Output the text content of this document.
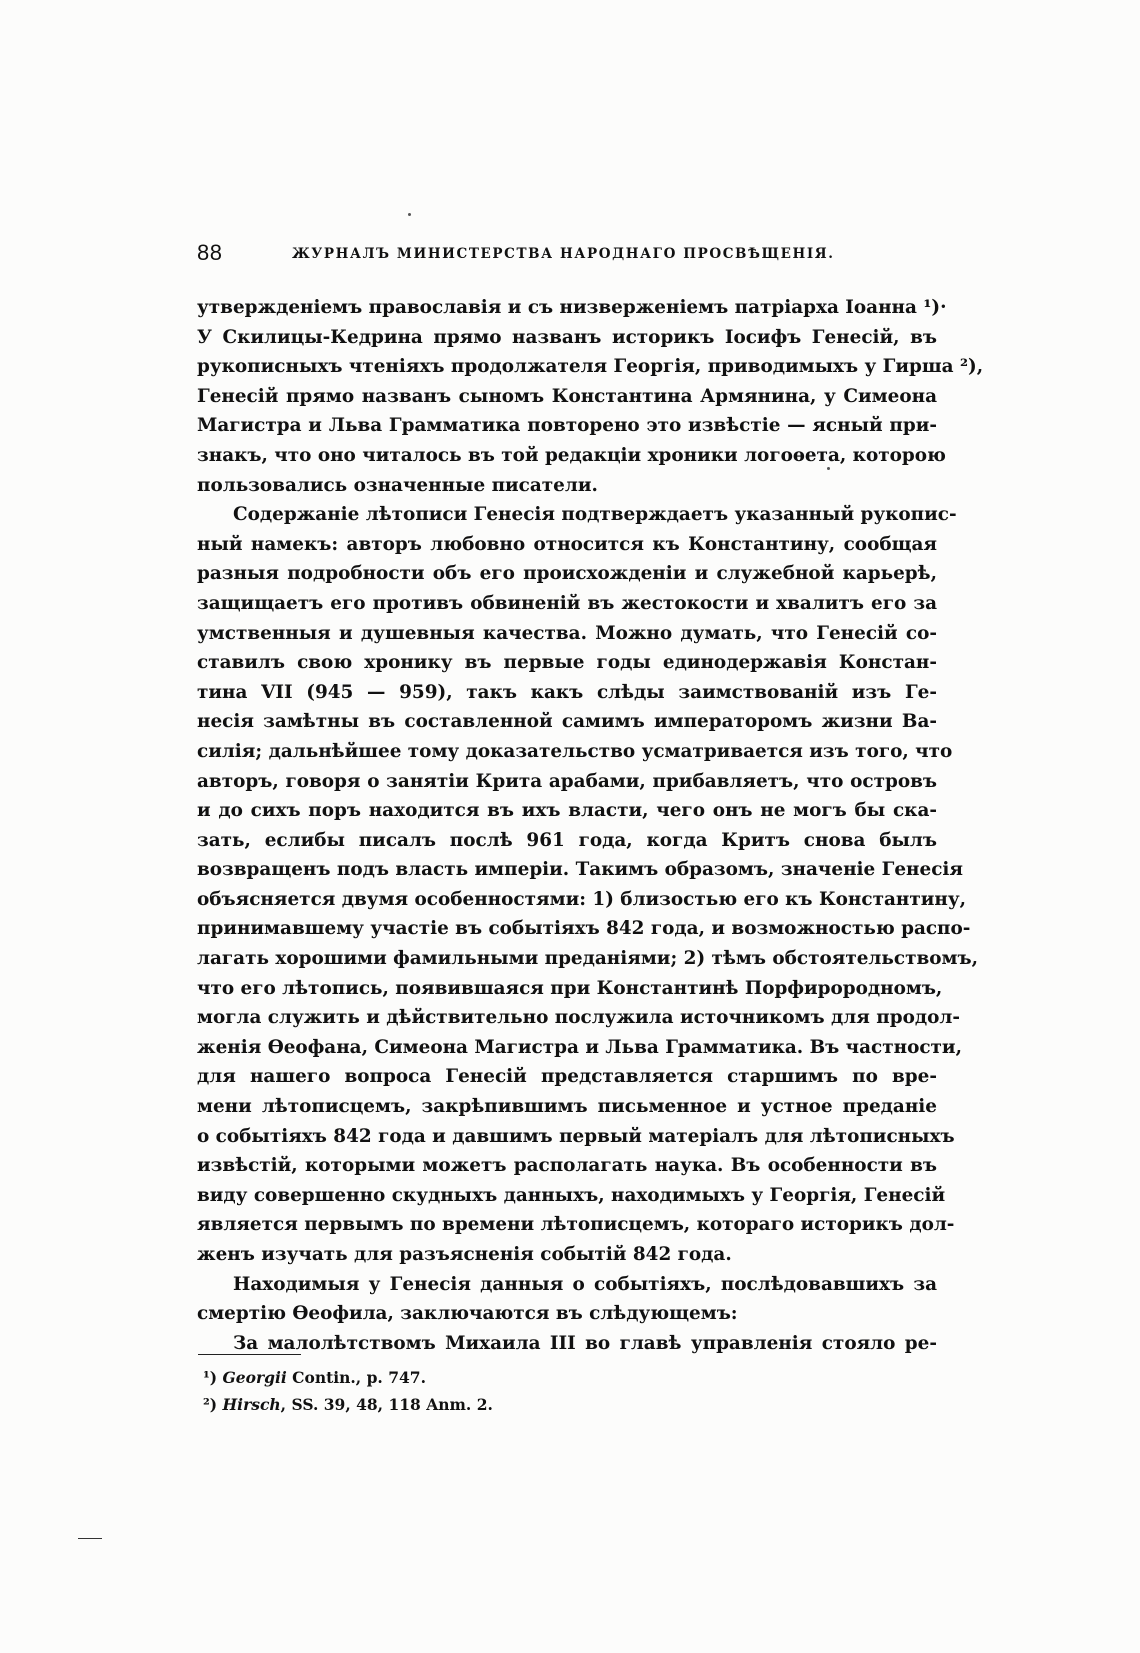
88	ЖУРНАЛЪ МИНИСТЕРСТВА НАРОДНАГО ПРОСВѢЩЕНІЯ.

утвержденіемъ православія и съ низверженіемъ патріарха Іоанна ¹)·

У Скилицы-Кедрина прямо названъ историкъ Іосифъ Генесій, въ

рукописныхъ чтеніяхъ продолжателя Георгія, приводимыхъ у Гирша ²),

Генесій прямо названъ сыномъ Константина Армянина, у Симеона

Магистра и Льва Грамматика повторено это извѣстіе — ясный при-

знакъ, что оно читалось въ той редакціи хроники логоѳета, которою

пользовались означенные писатели.

Содержаніе лѣтописи Генесія подтверждаетъ указанный рукопис-

ный намекъ: авторъ любовно относится къ Константину, сообщая

разныя подробности объ его происхожденіи и служебной карьерѣ,

защищаетъ его противъ обвиненій въ жестокости и хвалитъ его за

умственныя и душевныя качества. Можно думать, что Генесій со-

ставилъ свою хронику въ первые годы единодержавія Констан-

тина VII (945 — 959), такъ какъ слѣды заимствованій изъ Ге-

несія замѣтны въ составленной самимъ императоромъ жизни Ва-

силія; дальнѣйшее тому доказательство усматривается изъ того, что

авторъ, говоря о занятіи Крита арабами, прибавляетъ, что островъ

и до сихъ поръ находится въ ихъ власти, чего онъ не могъ бы ска-

зать, еслибы писалъ послѣ 961 года, когда Критъ снова былъ

возвращенъ подъ власть имперіи. Такимъ образомъ, значеніе Генесія

объясняется двумя особенностями: 1) близостью его къ Константину,

принимавшему участіе въ событіяхъ 842 года, и возможностью распо-

лагать хорошими фамильными преданіями; 2) тѣмъ обстоятельствомъ,

что его лѣтопись, появившаяся при Константинѣ Порфирородномъ,

могла служить и дѣйствительно послужила источникомъ для продол-

женія Ѳеофана, Симеона Магистра и Льва Грамматика. Въ частности,

для нашего вопроса Генесій представляется старшимъ по вре-

мени лѣтописцемъ, закрѣпившимъ письменное и устное преданіе

о событіяхъ 842 года и давшимъ первый матеріалъ для лѣтописныхъ

извѣстій, которыми можетъ располагать наука. Въ особенности въ

виду совершенно скудныхъ данныхъ, находимыхъ у Георгія, Генесій

является первымъ по времени лѣтописцемъ, котораго историкъ дол-

женъ изучать для разъясненія событій 842 года.

Находимыя у Генесія данныя о событіяхъ, послѣдовавшихъ за

смертію Ѳеофила, заключаются въ слѣдующемъ:

За малолѣтствомъ Михаила III во главѣ управленія стояло ре-

¹) Georgii Contin., p. 747.
²) Hirsch, SS. 39, 48, 118 Anm. 2.
